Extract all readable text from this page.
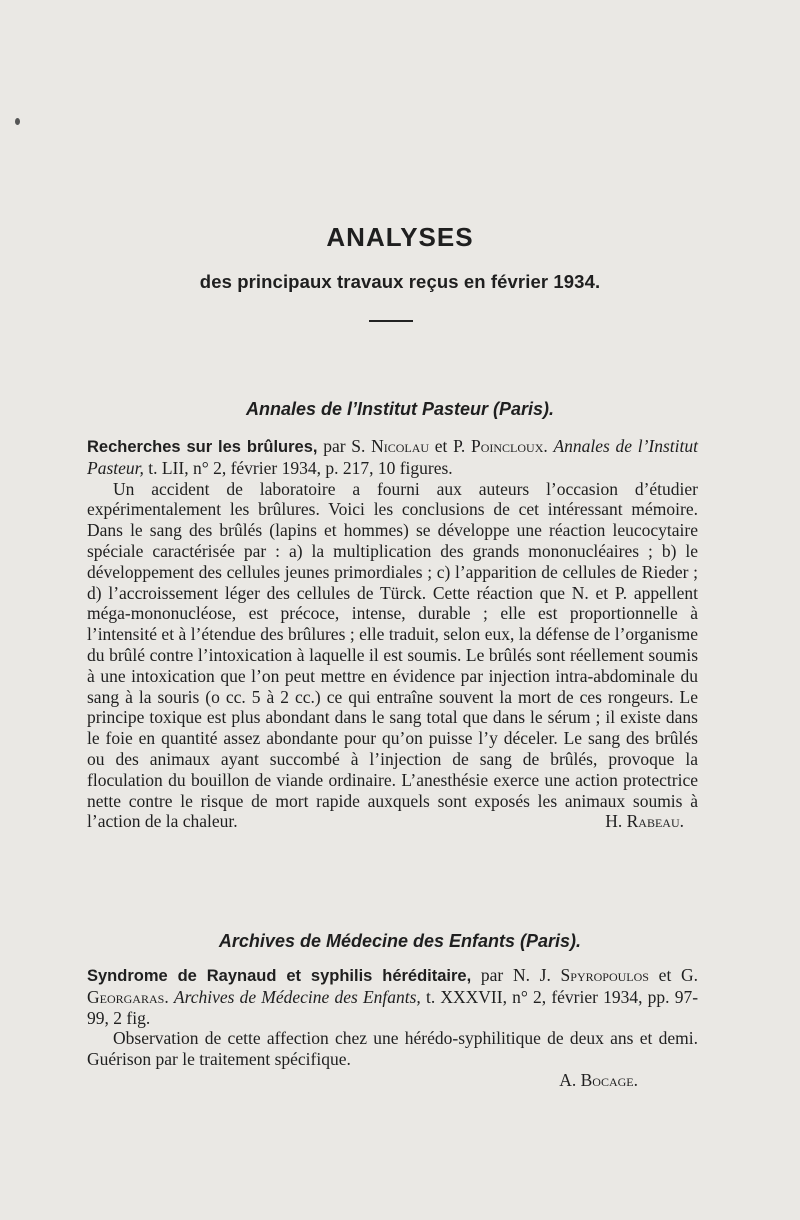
ANALYSES
des principaux travaux reçus en février 1934.
Annales de l’Institut Pasteur (Paris).

Recherches sur les brûlures, par S. Nicolau et P. Poincloux. Annales de l’Institut Pasteur, t. LII, n° 2, février 1934, p. 217, 10 figures.

Un accident de laboratoire a fourni aux auteurs l’occasion d’étudier expérimentalement les brûlures. Voici les conclusions de cet intéressant mémoire. Dans le sang des brûlés (lapins et hommes) se développe une réaction leucocytaire spéciale caractérisée par : a) la multiplication des grands mononucléaires ; b) le développement des cellules jeunes primordiales ; c) l’apparition de cellules de Rieder ; d) l’accroissement léger des cellules de Türck. Cette réaction que N. et P. appellent méga-mononucléose, est précoce, intense, durable ; elle est proportionnelle à l’intensité et à l’étendue des brûlures ; elle traduit, selon eux, la défense de l’organisme du brûlé contre l’intoxication à laquelle il est soumis. Le brûlés sont réellement soumis à une intoxication que l’on peut mettre en évidence par injection intra-abdominale du sang à la souris (o cc. 5 à 2 cc.) ce qui entraîne souvent la mort de ces rongeurs. Le principe toxique est plus abondant dans le sang total que dans le sérum ; il existe dans le foie en quantité assez abondante pour qu’on puisse l’y déceler. Le sang des brûlés ou des animaux ayant succombé à l’injection de sang de brûlés, provoque la floculation du bouillon de viande ordinaire. L’anesthésie exerce une action protectrice nette contre le risque de mort rapide auxquels sont exposés les animaux soumis à l’action de la chaleur.	H. Rabeau.

Archives de Médecine des Enfants (Paris).

Syndrome de Raynaud et syphilis héréditaire, par N. J. Spyropoulos et G. Georgaras. Archives de Médecine des Enfants, t. XXXVII, n° 2, février 1934, pp. 97-99, 2 fig.

Observation de cette affection chez une hérédo-syphilitique de deux ans et demi. Guérison par le traitement spécifique.

A. Bocage.
